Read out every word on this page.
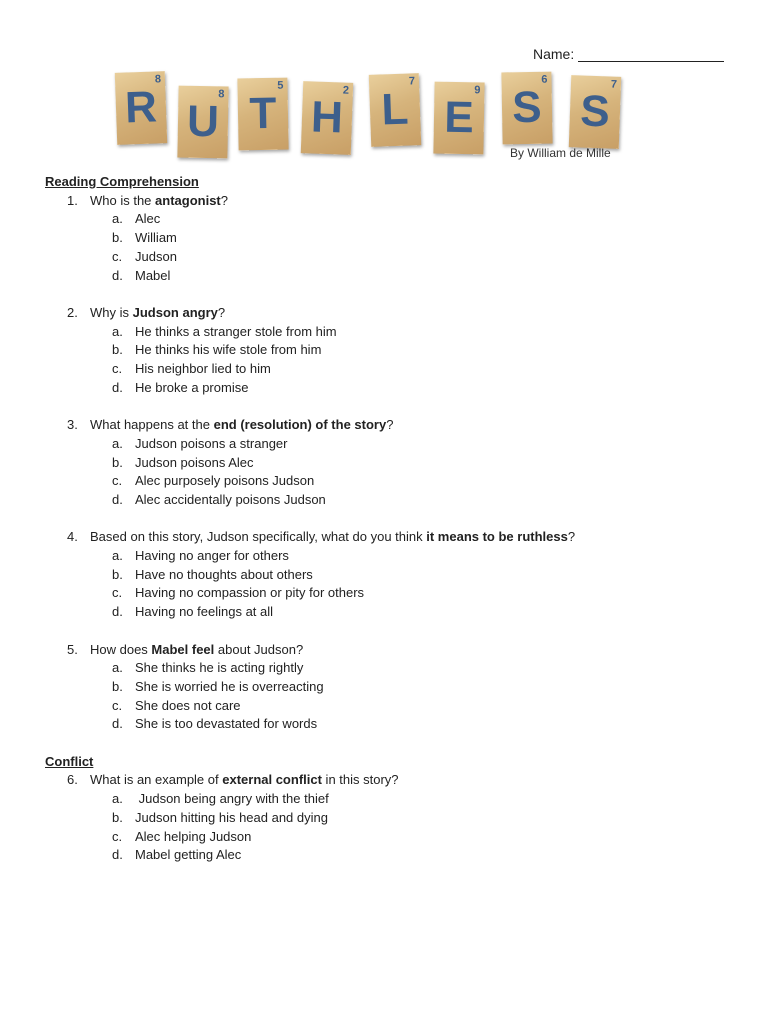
Name:
S
7
S
6
E
9
L
7
H
2
T
5
U
8
R
8
By William de Mille
Reading Comprehension
1. Who is the antagonist?
a. Alec
b. William
c. Judson
d. Mabel
2. Why is Judson angry?
a. He thinks a stranger stole from him
b. He thinks his wife stole from him
c. His neighbor lied to him
d. He broke a promise
3. What happens at the end (resolution) of the story?
a. Judson poisons a stranger
b. Judson poisons Alec
c. Alec purposely poisons Judson
d. Alec accidentally poisons Judson
4. Based on this story, Judson specifically, what do you think it means to be ruthless?
a. Having no anger for others
b. Have no thoughts about others
c. Having no compassion or pity for others
d. Having no feelings at all
5. How does Mabel feel about Judson?
a. She thinks he is acting rightly
b. She is worried he is overreacting
c. She does not care
d. She is too devastated for words
Conflict
6. What is an example of external conflict in this story?
a. Judson being angry with the thief
b. Judson hitting his head and dying
c. Alec helping Judson
d. Mabel getting Alec
